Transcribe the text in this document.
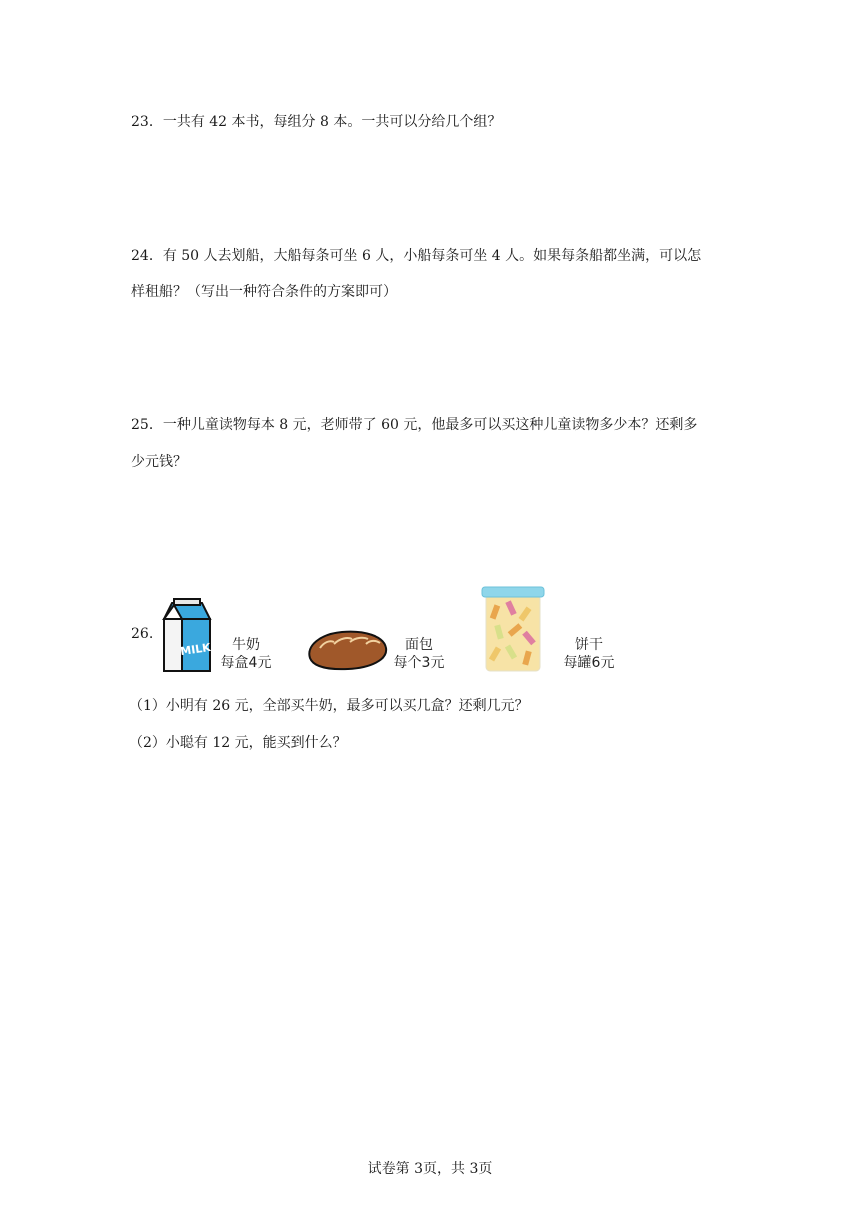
23．一共有 42 本书，每组分 8 本。一共可以分给几个组？
24．有 50 人去划船，大船每条可坐 6 人，小船每条可坐 4 人。如果每条船都坐满，可以怎
样租船？（写出一种符合条件的方案即可）
25．一种儿童读物每本 8 元，老师带了 60 元，他最多可以买这种儿童读物多少本？还剩多
少元钱？
26.
MILK	牛奶
每盒4元
面包
每个3元
饼干
每罐6元
（1）小明有 26 元，全部买牛奶，最多可以买几盒？还剩几元？
（2）小聪有 12 元，能买到什么？
试卷第 3页，共 3页
